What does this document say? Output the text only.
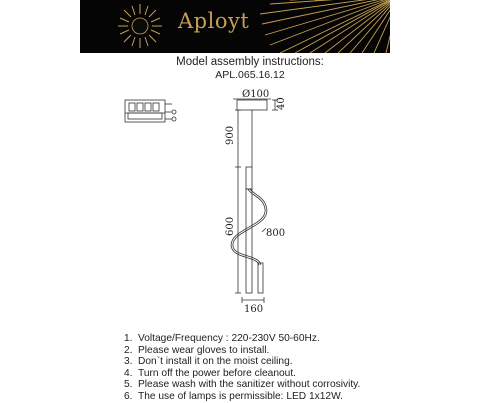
Aployt
Model assembly instructions:
APL.065.16.12
Ø100
40
900
600	800
160
1. Voltage/Frequency : 220-230V 50-60Hz.
2. Please wear gloves to install.
3. Don`t install it on the moist ceiling.
4. Turn off the power before cleanout.
5. Please wash with the sanitizer without corrosivity.
6. The use of lamps is permissible: LED 1x12W.
